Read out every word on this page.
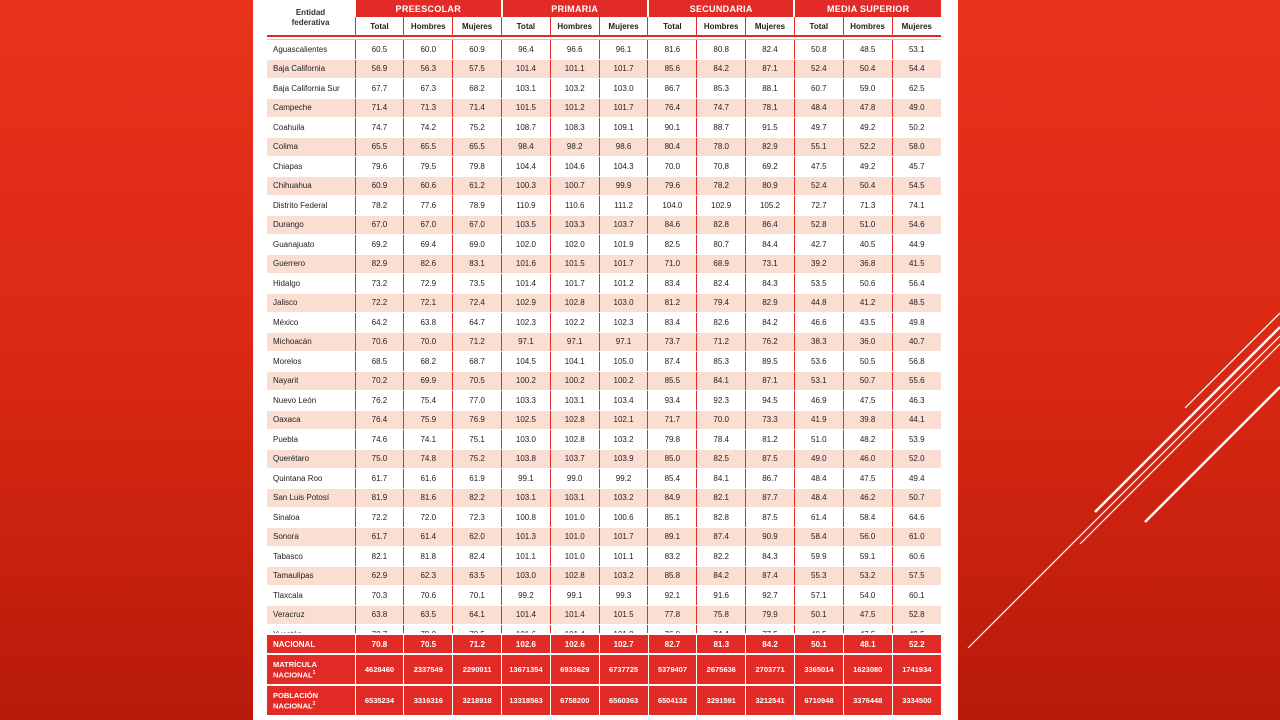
Entidad
federativa	PREESCOLAR			PRIMARIA			SECUNDARIA			MEDIA SUPERIOR		
	Total	Hombres	Mujeres	Total	Hombres	Mujeres	Total	Hombres	Mujeres	Total	Hombres	Mujeres

Aguascalientes	60.5	60.0	60.9	96.4	96.6	96.1	81.6	80.8	82.4	50.8	48.5	53.1
Baja California	56.9	56.3	57.5	101.4	101.1	101.7	85.6	84.2	87.1	52.4	50.4	54.4
Baja California Sur	67.7	67.3	68.2	103.1	103.2	103.0	86.7	85.3	88.1	60.7	59.0	62.5
Campeche	71.4	71.3	71.4	101.5	101.2	101.7	76.4	74.7	78.1	48.4	47.8	49.0
Coahuila	74.7	74.2	75.2	108.7	108.3	109.1	90.1	88.7	91.5	49.7	49.2	50.2
Colima	65.5	65.5	65.5	98.4	98.2	98.6	80.4	78.0	82.9	55.1	52.2	58.0
Chiapas	79.6	79.5	79.8	104.4	104.6	104.3	70.0	70.8	69.2	47.5	49.2	45.7
Chihuahua	60.9	60.6	61.2	100.3	100.7	99.9	79.6	78.2	80.9	52.4	50.4	54.5
Distrito Federal	78.2	77.6	78.9	110.9	110.6	111.2	104.0	102.9	105.2	72.7	71.3	74.1
Durango	67.0	67.0	67.0	103.5	103.3	103.7	84.6	82.8	86.4	52.8	51.0	54.6
Guanajuato	69.2	69.4	69.0	102.0	102.0	101.9	82.5	80.7	84.4	42.7	40.5	44.9
Guerrero	82.9	82.6	83.1	101.6	101.5	101.7	71.0	68.9	73.1	39.2	36.8	41.5
Hidalgo	73.2	72.9	73.5	101.4	101.7	101.2	83.4	82.4	84.3	53.5	50.6	56.4
Jalisco	72.2	72.1	72.4	102.9	102.8	103.0	81.2	79.4	82.9	44.8	41.2	48.5
México	64.2	63.8	64.7	102.3	102.2	102.3	83.4	82.6	84.2	46.6	43.5	49.8
Michoacán	70.6	70.0	71.2	97.1	97.1	97.1	73.7	71.2	76.2	38.3	36.0	40.7
Morelos	68.5	68.2	68.7	104.5	104.1	105.0	87.4	85.3	89.5	53.6	50.5	56.8
Nayarit	70.2	69.9	70.5	100.2	100.2	100.2	85.5	84.1	87.1	53.1	50.7	55.6
Nuevo León	76.2	75.4	77.0	103.3	103.1	103.4	93.4	92.3	94.5	46.9	47.5	46.3
Oaxaca	76.4	75.9	76.9	102.5	102.8	102.1	71.7	70.0	73.3	41.9	39.8	44.1
Puebla	74.6	74.1	75.1	103.0	102.8	103.2	79.8	78.4	81.2	51.0	48.2	53.9
Querétaro	75.0	74.8	75.2	103.8	103.7	103.9	85.0	82.5	87.5	49.0	46.0	52.0
Quintana Roo	61.7	61.6	61.9	99.1	99.0	99.2	85.4	84.1	86.7	48.4	47.5	49.4
San Luis Potosí	81.9	81.6	82.2	103.1	103.1	103.2	84.9	82.1	87.7	48.4	46.2	50.7
Sinaloa	72.2	72.0	72.3	100.8	101.0	100.6	85.1	82.8	87.5	61.4	58.4	64.6
Sonora	61.7	61.4	62.0	101.3	101.0	101.7	89.1	87.4	90.9	58.4	56.0	61.0
Tabasco	82.1	81.8	82.4	101.1	101.0	101.1	83.2	82.2	84.3	59.9	59.1	60.6
Tamaulipas	62.9	62.3	63.5	103.0	102.8	103.2	85.8	84.2	87.4	55.3	53.2	57.5
Tlaxcala	70.3	70.6	70.1	99.2	99.1	99.3	92.1	91.6	92.7	57.1	54.0	60.1
Veracruz	63.8	63.5	64.1	101.4	101.4	101.5	77.8	75.8	79.9	50.1	47.5	52.8

NACIONAL	70.8	70.5	71.2	102.6	102.6	102.7	82.7	81.3	84.2	50.1	48.1	52.2

MATRÍCULA
NACIONAL$^1$	4628460	2337549	2290911	13671354	6933629	6737725	5379407	2675636	2703771	3365014	1623080	1741934

POBLACIÓN
NACIONAL$^2$	6535234	3316316	3218918	13318563	6758200	6560363	6504132	3291591	3212541	6710948	3376448	3334500
